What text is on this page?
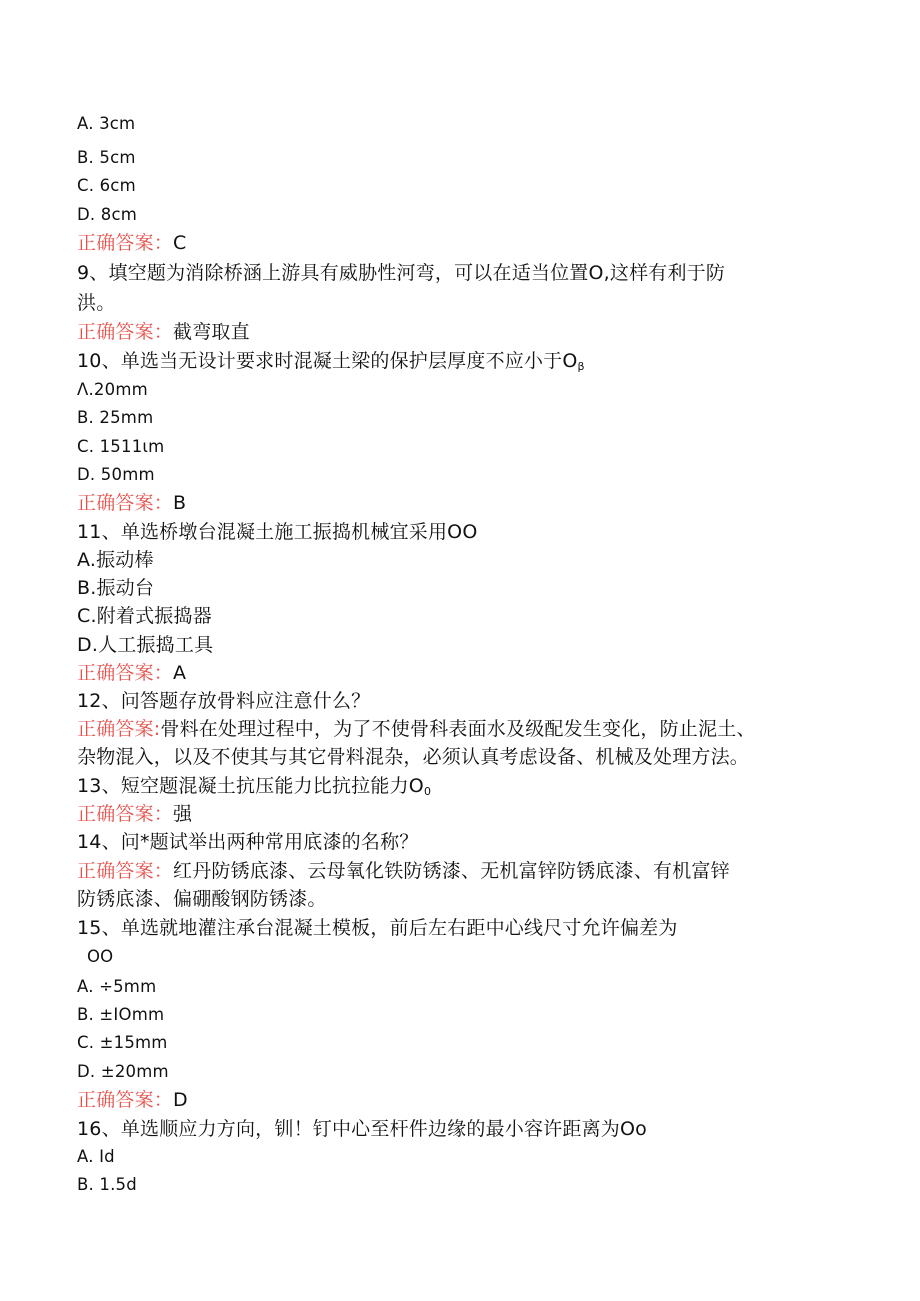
A. 3cm
B. 5cm
C. 6cm
D. 8cm
正确答案：C
9、填空题为消除桥涵上游具有威胁性河弯，可以在适当位置O,这样有利于防
洪。
正确答案：截弯取直
10、单选当无设计要求时混凝土梁的保护层厚度不应小于$O_\beta$
Λ.20mm
B. 25mm
C. 1511ιm
D. 50mm
正确答案：B
11、单选桥墩台混凝土施工振捣机械宜采用OO
A.振动棒
B.振动台
C.附着式振捣器
D.人工振捣工具
正确答案：A
12、问答题存放骨料应注意什么？
正确答案:骨料在处理过程中，为了不使骨科表面水及级配发生变化，防止泥土、
杂物混入，以及不使其与其它骨料混杂，必须认真考虑设备、机械及处理方法。
13、短空题混凝土抗压能力比抗拉能力$O_0$
正确答案：强
14、问*题试举出两种常用底漆的名称？
正确答案：红丹防锈底漆、云母氧化铁防锈漆、无机富锌防锈底漆、有机富锌
防锈底漆、偏硼酸钢防锈漆。
15、单选就地灌注承台混凝土模板，前后左右距中心线尺寸允许偏差为
OO
A. ÷5mm
B. ±IOmm
C. ±15mm
D. ±20mm
正确答案：D
16、单选顺应力方向，钏！钉中心至杆件边缘的最小容许距离为Oo
A. Id
B. 1.5d
